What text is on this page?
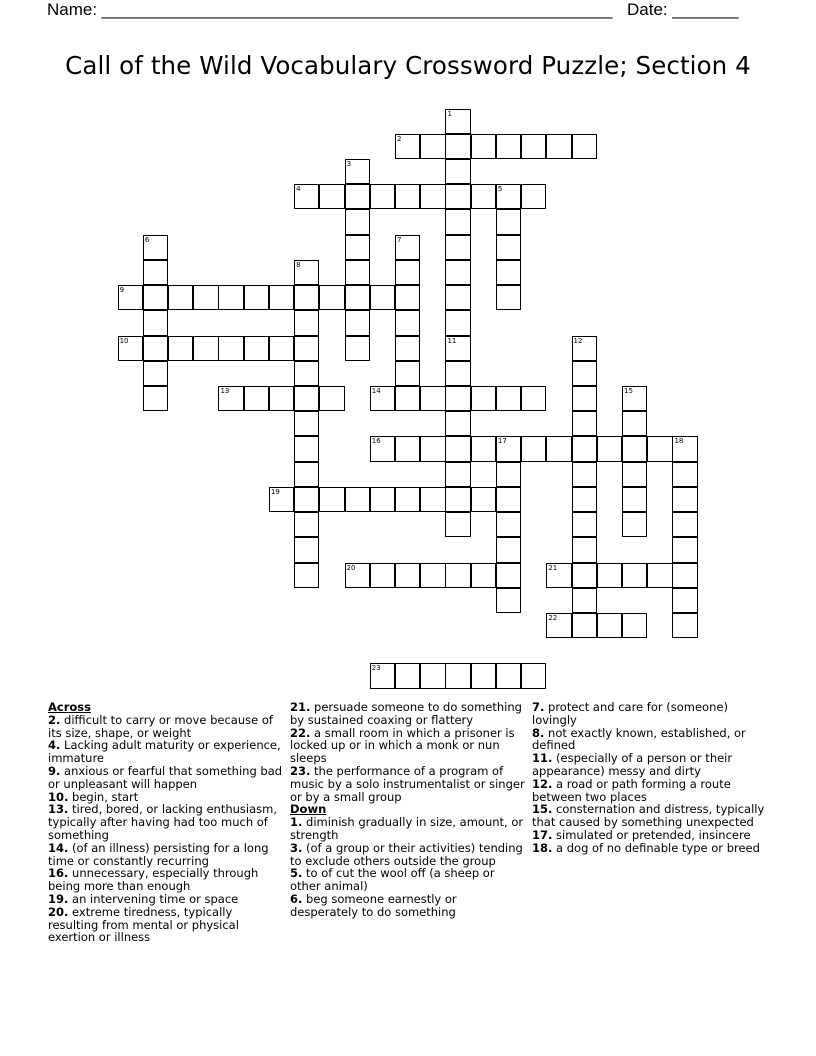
Name: ______________________________________________________ Date: _______
Call of the Wild Vocabulary Crossword Puzzle; Section 4
1
11
2
3
4	5
6	7
8
9
10	12
13	14	15
16	17	18
19
20	21
22
23
Across
2. difficult to carry or move because of its size, shape, or weight
4. Lacking adult maturity or experience, immature
9. anxious or fearful that something bad or unpleasant will happen
10. begin, start
13. tired, bored, or lacking enthusiasm, typically after having had too much of something
14. (of an illness) persisting for a long time or constantly recurring
16. unnecessary, especially through being more than enough
19. an intervening time or space
20. extreme tiredness, typically resulting from mental or physical exertion or illness
21. persuade someone to do something by sustained coaxing or flattery
22. a small room in which a prisoner is locked up or in which a monk or nun sleeps
23. the performance of a program of music by a solo instrumentalist or singer or by a small group
Down
1. diminish gradually in size, amount, or strength
3. (of a group or their activities) tending to exclude others outside the group
5. to of cut the wool off (a sheep or other animal)
6. beg someone earnestly or desperately to do something
7. protect and care for (someone) lovingly
8. not exactly known, established, or defined
11. (especially of a person or their appearance) messy and dirty
12. a road or path forming a route between two places
15. consternation and distress, typically that caused by something unexpected
17. simulated or pretended, insincere
18. a dog of no definable type or breed
